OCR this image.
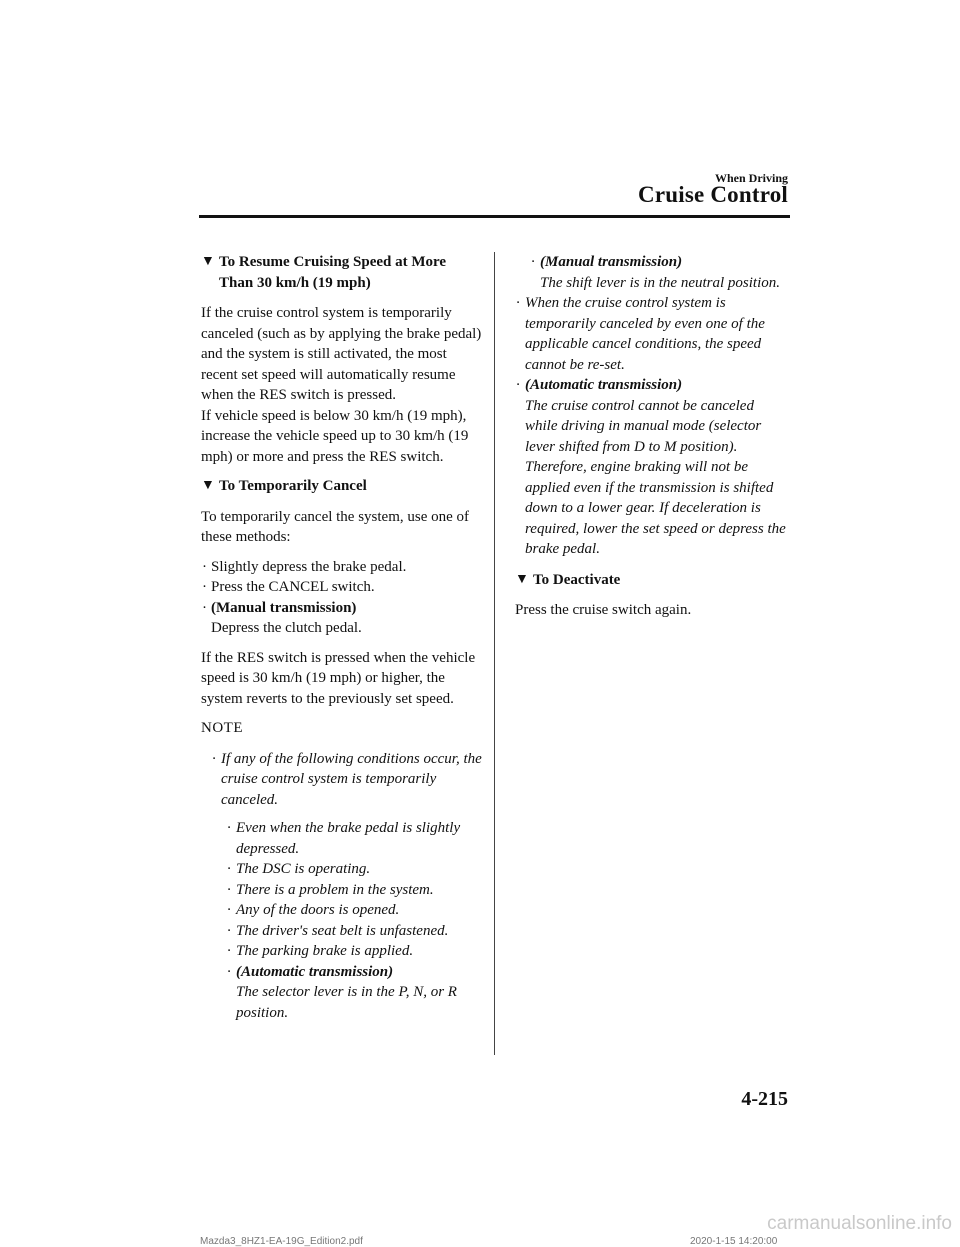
When Driving
Cruise Control
▼ To Resume Cruising Speed at More Than 30 km/h (19 mph)

If the cruise control system is temporarily canceled (such as by applying the brake pedal) and the system is still activated, the most recent set speed will automatically resume when the RES switch is pressed.

If vehicle speed is below 30 km/h (19 mph), increase the vehicle speed up to 30 km/h (19 mph) or more and press the RES switch.

▼ To Temporarily Cancel

To temporarily cancel the system, use one of these methods:

· Slightly depress the brake pedal.
· Press the CANCEL switch.
· (Manual transmission)
Depress the clutch pedal.

If the RES switch is pressed when the vehicle speed is 30 km/h (19 mph) or higher, the system reverts to the previously set speed.

NOTE
· If any of the following conditions occur, the cruise control system is temporarily canceled.
· Even when the brake pedal is slightly depressed.
· The DSC is operating.
· There is a problem in the system.
· Any of the doors is opened.
· The driver's seat belt is unfastened.
· The parking brake is applied.
· (Automatic transmission)
The selector lever is in the P, N, or R position.
· (Manual transmission)
The shift lever is in the neutral position.
· When the cruise control system is temporarily canceled by even one of the applicable cancel conditions, the speed cannot be re-set.
· (Automatic transmission)
The cruise control cannot be canceled while driving in manual mode (selector lever shifted from D to M position). Therefore, engine braking will not be applied even if the transmission is shifted down to a lower gear. If deceleration is required, lower the set speed or depress the brake pedal.
▼ To Deactivate

Press the cruise switch again.

4-215
Mazda3_8HZ1-EA-19G_Edition2.pdf	2020-1-15 14:20:00
carmanualsonline.info
